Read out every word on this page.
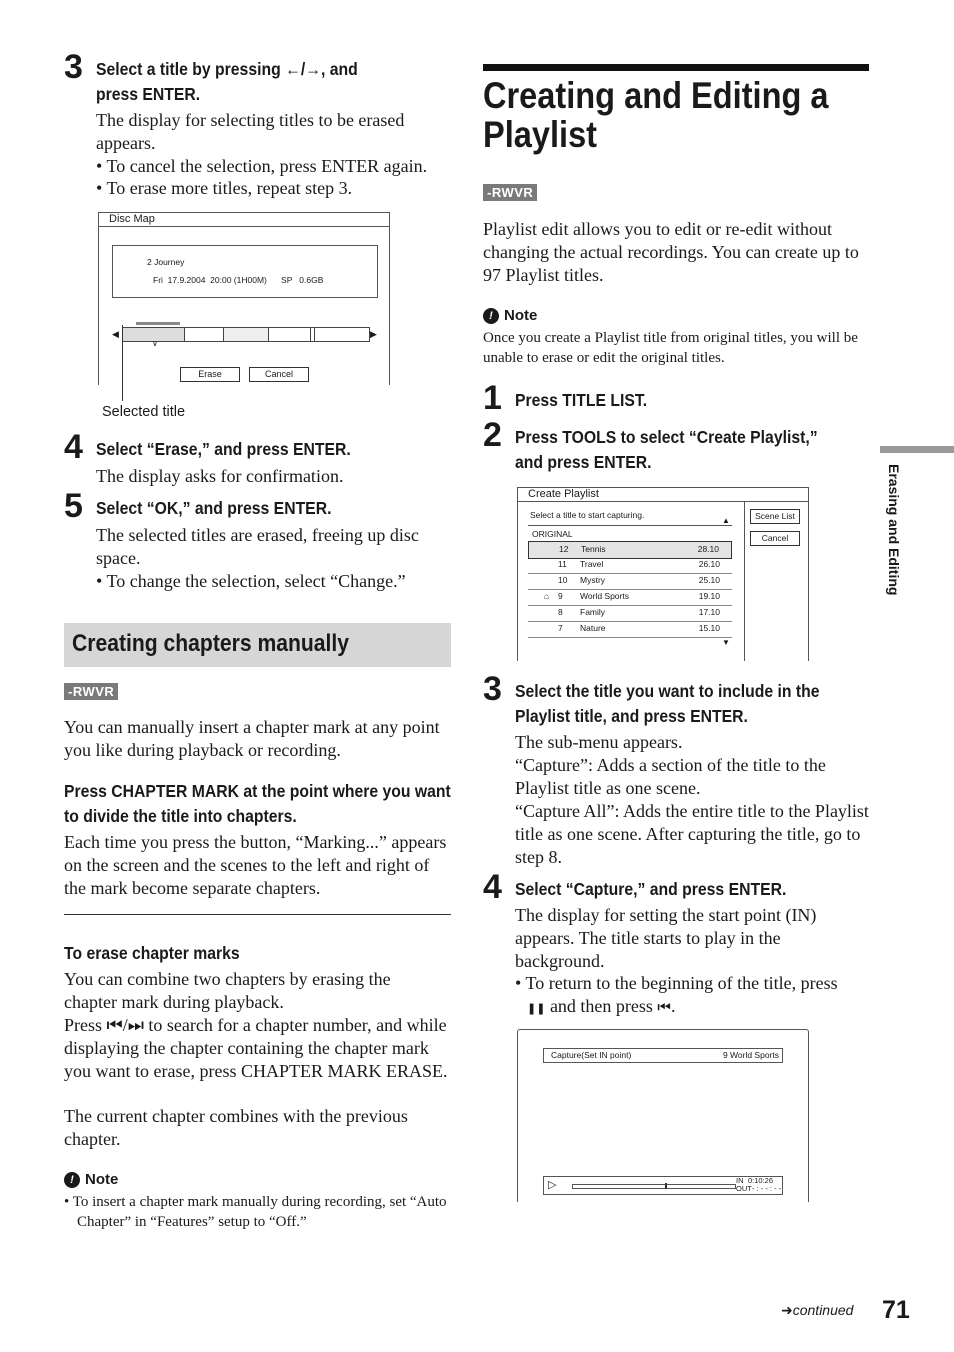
3 Select a title by pressing ←/→, and
press ENTER.

The display for selecting titles to be erased appears.

• To cancel the selection, press ENTER again.

• To erase more titles, repeat step 3.

Disc Map
2 Journey
Fri  17.9.2004  20:00 (1H00M)      SP   0.6GB
◀	▶
∨
Erase	Cancel
Selected title
4 Select “Erase,” and press ENTER.

The display asks for confirmation.

5 Select “OK,” and press ENTER.

The selected titles are erased, freeing up disc space.

• To change the selection, select “Change.”

Creating chapters manually
-RWVR

You can manually insert a chapter mark at any point you like during playback or recording.

Press CHAPTER MARK at the point where you want to divide the title into chapters.

Each time you press the button, “Marking...” appears on the screen and the scenes to the left and right of the mark become separate chapters.

To erase chapter marks

You can combine two chapters by erasing the chapter mark during playback.

Press ⏮/⏭ to search for a chapter number, and while displaying the chapter containing the chapter mark you want to erase, press CHAPTER MARK ERASE.

The current chapter combines with the previous chapter.

! Note

• To insert a chapter mark manually during recording, set “Auto Chapter” in “Features” setup to “Off.”

Creating and Editing a Playlist
-RWVR

Playlist edit allows you to edit or re-edit without changing the actual recordings. You can create up to 97 Playlist titles.

! Note

Once you create a Playlist title from original titles, you will be unable to erase or edit the original titles.

1 Press TITLE LIST.
2 Press TOOLS to select “Create Playlist,”
and press ENTER.
Create Playlist
Select a title to start capturing.
▲
ORIGINAL
12 Tennis	28.10
11 Travel	26.10
10 Mystry	25.10
9 World Sports	19.10
⌂
8 Family	17.10
7 Nature	15.10
▼
Scene List
Cancel
3 Select the title you want to include in the
Playlist title, and press ENTER.

The sub-menu appears.

“Capture”: Adds a section of the title to the Playlist title as one scene.

“Capture All”: Adds the entire title to the Playlist title as one scene. After capturing the title, go to step 8.

4 Select “Capture,” and press ENTER.

The display for setting the start point (IN) appears. The title starts to play in the background.

• To return to the beginning of the title, press

❚❚ and then press ⏮.
Capture(Set IN point)	9 World Sports
▷	IN 0:10:26
OUT - : - - : - -
Erasing and Editing
➜continued 71
